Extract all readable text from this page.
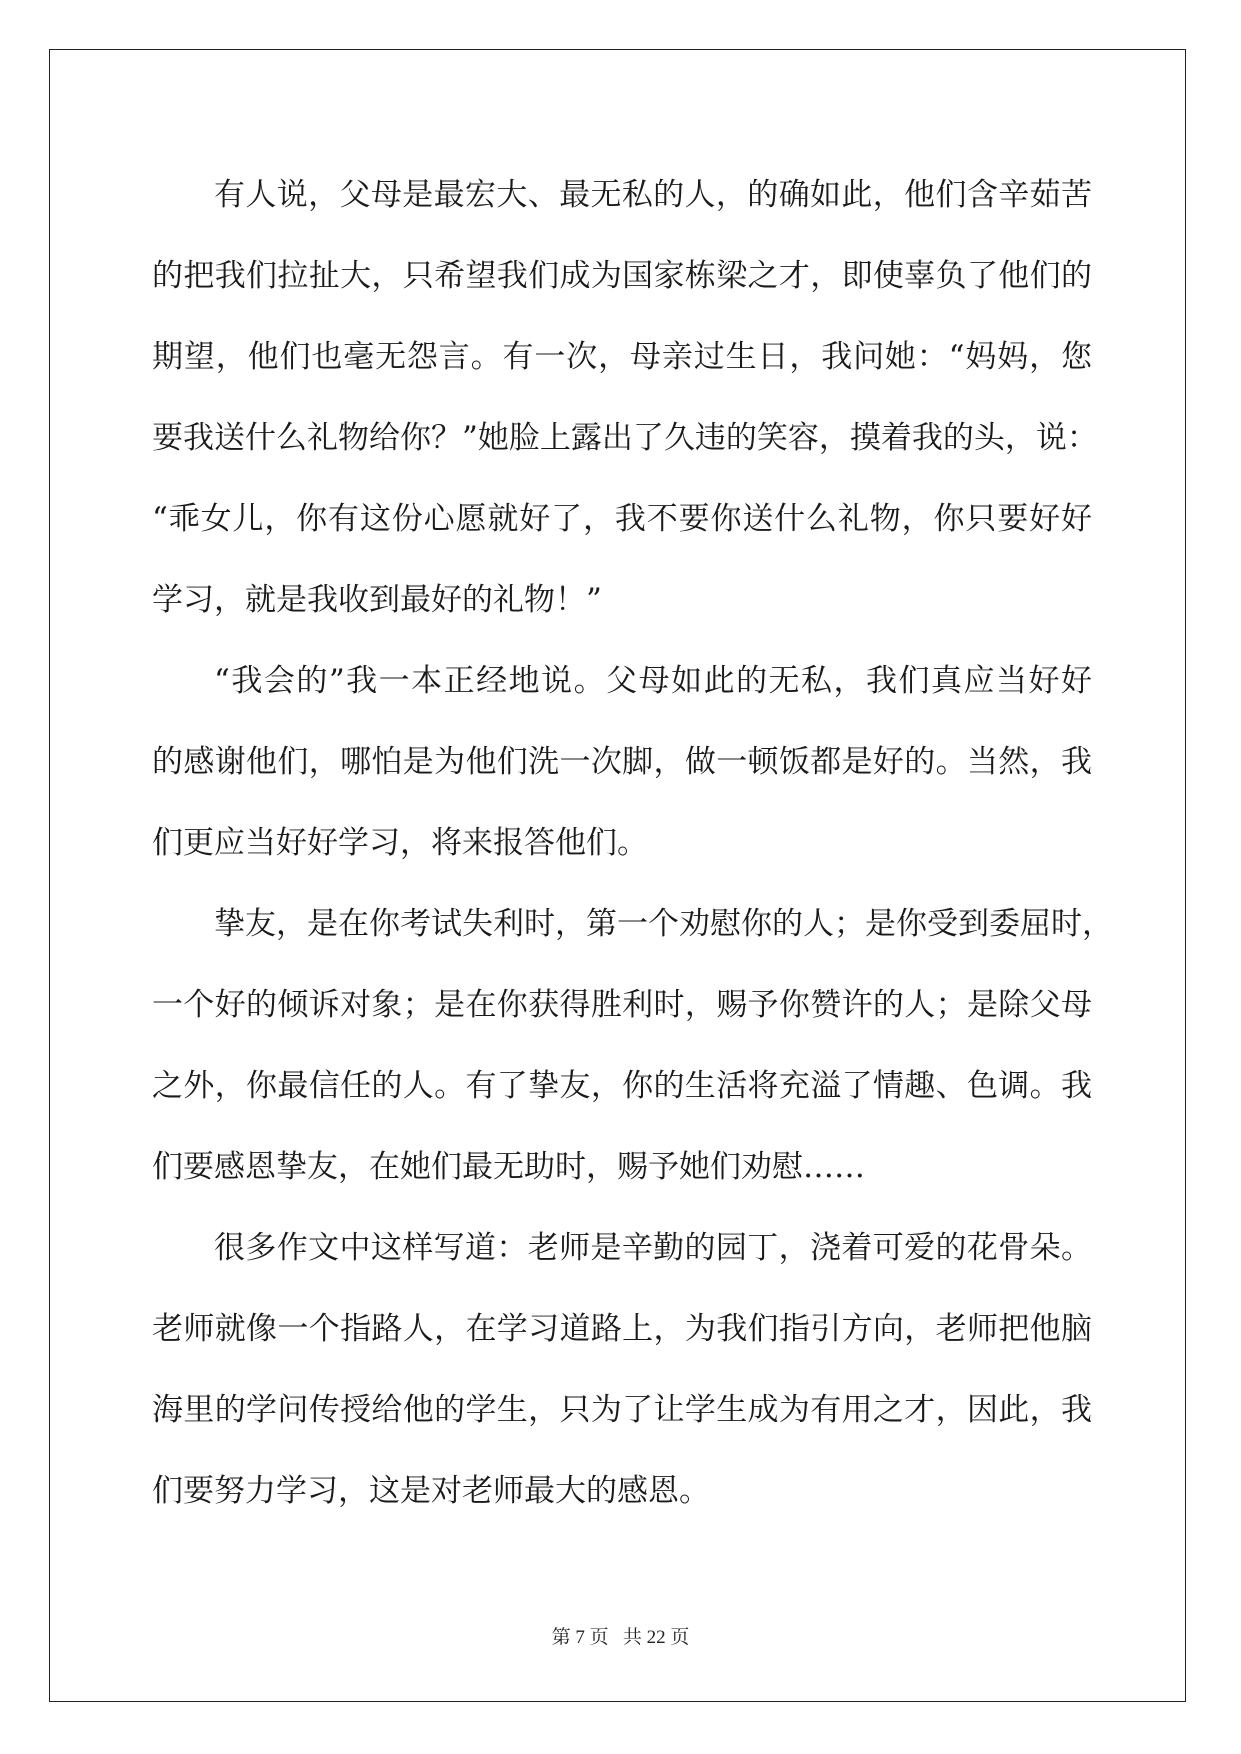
有人说，父母是最宏大、最无私的人，的确如此，他们含辛茹苦
的把我们拉扯大，只希望我们成为国家栋梁之才，即使辜负了他们的
期望，他们也毫无怨言。有一次，母亲过生日，我问她：“妈妈，您
要我送什么礼物给你？”她脸上露出了久违的笑容，摸着我的头，说：
“乖女儿，你有这份心愿就好了，我不要你送什么礼物，你只要好好
学习，就是我收到最好的礼物！”
“我会的”我一本正经地说。父母如此的无私，我们真应当好好
的感谢他们，哪怕是为他们洗一次脚，做一顿饭都是好的。当然，我
们更应当好好学习，将来报答他们。
挚友，是在你考试失利时，第一个劝慰你的人；是你受到委屈时，
一个好的倾诉对象；是在你获得胜利时，赐予你赞许的人；是除父母
之外，你最信任的人。有了挚友，你的生活将充溢了情趣、色调。我
们要感恩挚友，在她们最无助时，赐予她们劝慰……
很多作文中这样写道：老师是辛勤的园丁，浇着可爱的花骨朵。
老师就像一个指路人，在学习道路上，为我们指引方向，老师把他脑
海里的学问传授给他的学生，只为了让学生成为有用之才，因此，我
们要努力学习，这是对老师最大的感恩。
第 7 页   共 22 页
